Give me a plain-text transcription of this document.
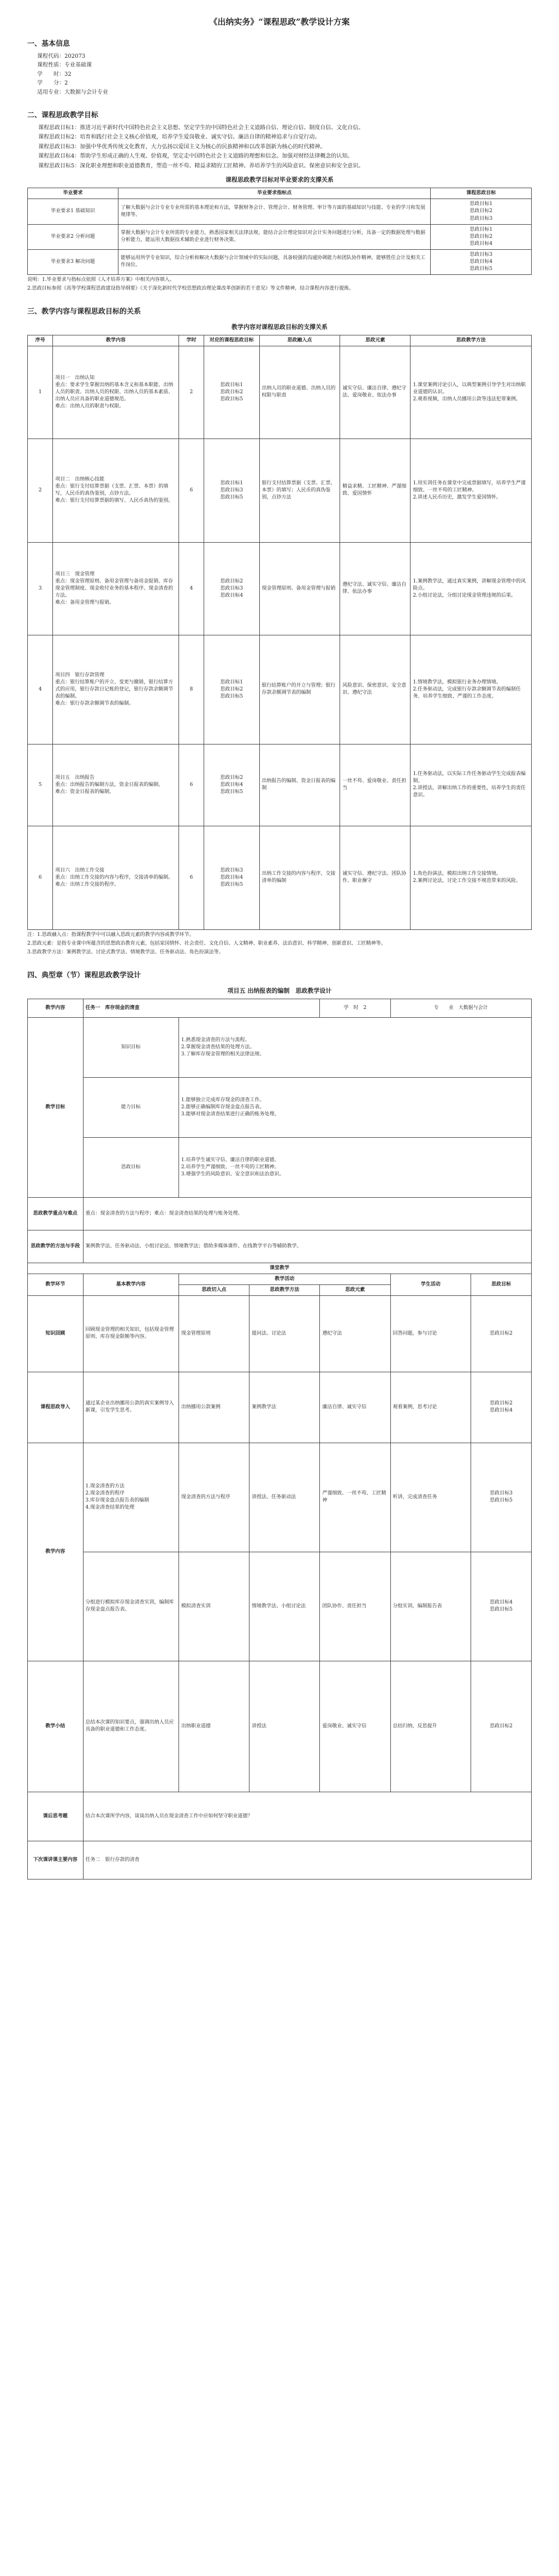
《出纳实务》“课程思政”教学设计方案
一、基本信息

课程代码：202073

课程性质：专业基础课

学　　时：32

学　　分：2

适用专业：大数据与会计专业

二、课程思政教学目标

课程思政目标1：推进习近平新时代中国特色社会主义思想、坚定学生的中国特色社会主义道路自信、理论自信、制度自信、文化自信。

课程思政目标2：培育和践行社会主义核心价值观，培养学生爱岗敬业、诚实守信、廉洁自律的精神追求与自觉行动。

课程思政目标3：加强中华优秀传统文化教育，大力弘扬以爱国主义为核心的民族精神和以改革创新为核心的时代精神。

课程思政目标4：帮助学生形成正确的人生观、价值观，坚定走中国特色社会主义道路的理想和信念。加强对财经法律概念的认知。

课程思政目标5：深化职业理想和职业道德教育，塑造一丝不苟、精益求精的工匠精神、养培养学生的风险意识、保密意识和安全意识。

课程思政教学目标对毕业要求的支撑关系
毕业要求	毕业要求指标点	课程思政目标
毕业要求1 基础知识	了解大数据与会计专业专业所需的基本理论和方法，掌握财务会计、管理会计、财务管理、审计等方面的基础知识与技能、专业的学习和发展规律等。	思政目标1
思政目标2
思政目标3
毕业要求2 分析问题	掌握大数据与会计专业所需的专业能力，熟悉国家相关法律法规，能结合会计理论知识对会计实务问题进行分析，具备一定的数据处理与数据分析能力，能运用大数据技术辅助企业进行财务决策。	思政目标1
思政目标2
思政目标4
毕业要求3 解决问题	能够运用所学专业知识，综合分析和解决大数据与会计领域中的实际问题，具备较强的沟通协调能力和团队协作精神，能够胜任会计及相关工作岗位。	思政目标3
思政目标4
思政目标5

说明：1.毕业要求与指标点依照《人才培养方案》中相关内容填入。

2.思政目标参照《高等学校课程思政建设指导纲要》《关于深化新时代学校思想政治理论课改革创新的若干意见》等文件精神，结合课程内容进行提炼。

三、教学内容与课程思政目标的关系
教学内容对课程思政目标的支撑关系
序号	教学内容	学时	对应的课程思政目标	思政融入点	思政元素	思政教学方法
1	项目一　出纳认知
重点：要求学生掌握出纳的基本含义和基本职能、出纳人员的职责、出纳人员的权限、出纳人员的基本素质、出纳人员应具备的职业道德规范。
难点：出纳人员的职责与权限。	2	思政目标1
思政目标2
思政目标5	出纳人员的职业道德、出纳人员的权限与职责	诚实守信、廉洁自律、遵纪守法、爱岗敬业、依法办事	1.课堂案例讨论引入，以典型案例引导学生对出纳职业道德的认识。
2.观看视频，出纳人员挪用公款等违法犯罪案例。
2	项目二　出纳核心技能
重点：银行支付结算票据（支票、汇票、本票）的填写，人民币的真伪鉴别，点钞方法。
难点：银行支付结算票据的填写、人民币真伪的鉴别。	6	思政目标1
思政目标3
思政目标5	银行支付结算票据（支票、汇票、本票）的填写；人民币的真伪鉴别，点钞方法	精益求精、工匠精神、严谨细致、爱国情怀	1.用实训任务在课堂中完成票据填写，培养学生严谨细致、一丝不苟的工匠精神。
2.讲述人民币历史，激发学生爱国情怀。
3	项目三　现金管理
重点：现金管理原则、备用金管理与备用金报销、库存现金管理制度、现金收付业务的基本程序、现金清查的方法。
难点：备用金管理与报销。	4	思政目标2
思政目标3
思政目标4	现金管理原则、备用金管理与报销	遵纪守法、诚实守信、廉洁自律、依法办事	1.案例教学法，通过真实案例，讲解现金管理中的风险点。
2.小组讨论法，分组讨论现金管理违规的后果。
4	项目四　银行存款管理
重点：银行结算账户的开立、变更与撤销，银行结算方式的应用，银行存款日记账的登记，银行存款余额调节表的编制。
难点：银行存款余额调节表的编制。	8	思政目标1
思政目标2
思政目标5	银行结算账户的开立与管理；银行存款余额调节表的编制	风险意识、保密意识、安全意识、遵纪守法	1.情境教学法，模拟银行业务办理情境。
2.任务驱动法，完成银行存款余额调节表的编制任务，培养学生细致、严谨的工作态度。
5	项目五　出纳报告
重点：出纳报告的编制方法，资金日报表的编制。
难点：资金日报表的编制。	6	思政目标2
思政目标4
思政目标5	出纳报告的编制、资金日报表的编制	一丝不苟、爱岗敬业、责任担当	1.任务驱动法，以实际工作任务驱动学生完成报表编制。
2.讲授法，讲解出纳工作的重要性，培养学生的责任意识。
6	项目六　出纳工作交接
重点：出纳工作交接的内容与程序，交接清单的编制。
难点：出纳工作交接的程序。	6	思政目标3
思政目标4
思政目标5	出纳工作交接的内容与程序，交接清单的编制	诚实守信、遵纪守法、团队协作、职业操守	1.角色扮演法，模拟出纳工作交接情境。
2.案例讨论法，讨论工作交接不规范带来的风险。

注：1.思政融入点：指课程教学中可以融入思政元素的教学内容或教学环节。

2.思政元素：是指专业课中所蕴含的思想政治教育元素，包括家国情怀、社会责任、文化自信、人文精神、职业素养、法治意识、科学精神、创新意识、工匠精神等。

3.思政教学方法：案例教学法、讨论式教学法、情境教学法、任务驱动法、角色扮演法等。

四、典型章（节）课程思政教学设计
项目五 出纳报表的编制　思政教学设计
教学内容	任务一　库存现金的清查			学　时　 2	专　　业　 大数据与会计	
教学目标	知识目标	1.熟悉现金清查的方法与流程。
2.掌握现金清查结果的处理方法。
3.了解库存现金管理的相关法律法规。				
	能力目标	1.能够独立完成库存现金的清查工作。
2.能够正确编制库存现金盘点报告表。
3.能够对现金清查结果进行正确的账务处理。				
	思政目标	1.培养学生诚实守信、廉洁自律的职业道德。
2.培养学生严谨细致、一丝不苟的工匠精神。
3.增强学生的风险意识、安全意识和法治意识。				
思政教学重点与难点	重点：现金清查的方法与程序；难点：现金清查结果的处理与账务处理。					
思政教学的方法与手段	案例教学法、任务驱动法、小组讨论法、情境教学法；借助多媒体课件、在线教学平台等辅助教学。					
课堂教学						
教学环节	基本教学内容	教学活动			学生活动	思政目标
		思政切入点	思政教学方法	思政元素		
知识回顾	回顾现金管理的相关知识，包括现金管理原则、库存现金限额等内容。	现金管理原则	提问法、讨论法	遵纪守法	回答问题，参与讨论	思政目标2
课程思政导入	通过某企业出纳挪用公款的真实案例导入新课，引发学生思考。	出纳挪用公款案例	案例教学法	廉洁自律、诚实守信	观看案例，思考讨论	思政目标2
思政目标4
教学内容	1.现金清查的方法
2.现金清查的程序
3.库存现金盘点报告表的编制
4.现金清查结果的处理	现金清查的方法与程序	讲授法、任务驱动法	严谨细致、一丝不苟、工匠精神	听讲，完成清查任务	思政目标3
思政目标5
	分组进行模拟库存现金清查实训，编制库存现金盘点报告表。	模拟清查实训	情境教学法、小组讨论法	团队协作、责任担当	分组实训，编制报告表	思政目标4
思政目标5
教学小结	总结本次课的知识要点，强调出纳人员应具备的职业道德和工作态度。	出纳职业道德	讲授法	爱岗敬业、诚实守信	总结归纳，反思提升	思政目标2
课后思考题	结合本次课所学内容，谈谈出纳人员在现金清查工作中应如何坚守职业道德？					
下次课讲课主要内容	任务二　银行存款的清查					
